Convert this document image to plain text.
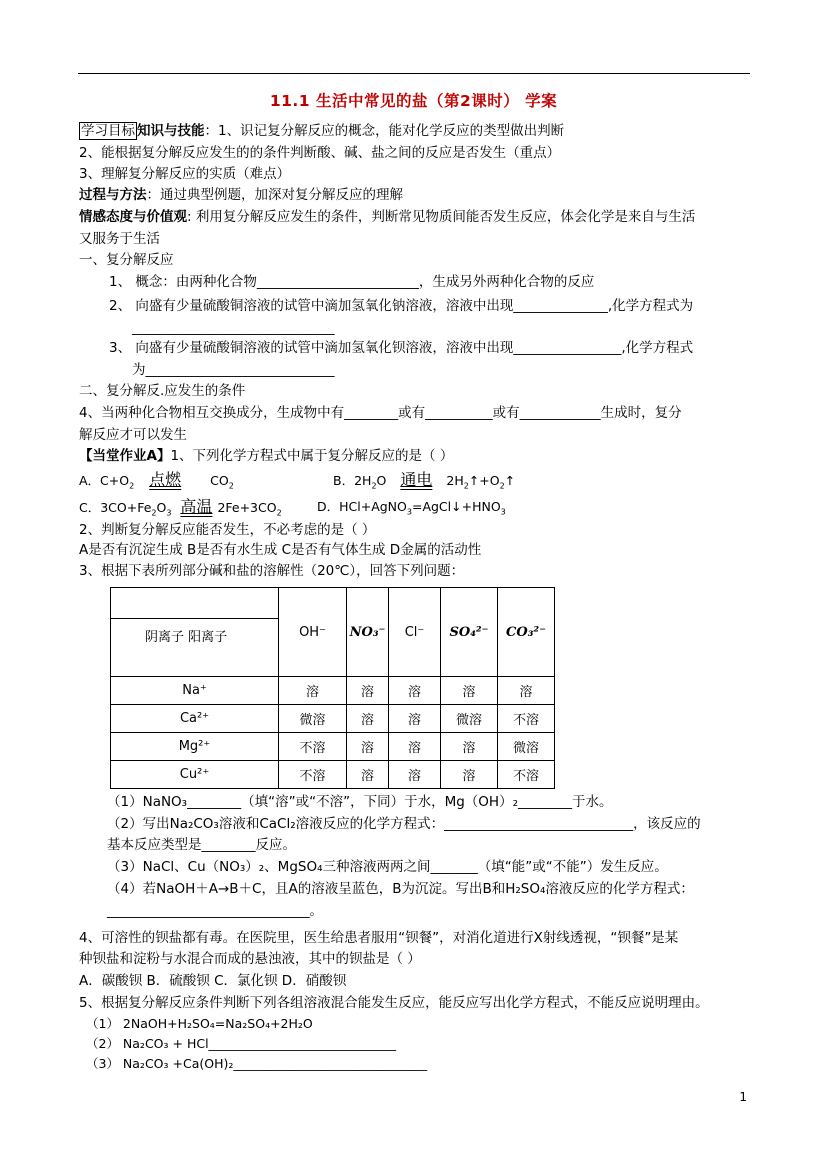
11.1 生活中常见的盐（第2课时） 学案
学习目标 知识与技能：1、识记复分解反应的概念，能对化学反应的类型做出判断
2、能根据复分解反应发生的的条件判断酸、碱、盐之间的反应是否发生（重点）
3、理解复分解反应的实质（难点）
过程与方法：通过典型例题，加深对复分解反应的理解
情感态度与价值观: 利用复分解反应发生的条件，判断常见物质间能否发生反应，体会化学是来自与生活
又服务于生活
一、复分解反应
1、 概念：由两种化合物________________________，生成另外两种化合物的反应
2、 向盛有少量硫酸铜溶液的试管中滴加氢氧化钠溶液，溶液中出现______________,化学方程式为
______________________________
3、 向盛有少量硫酸铜溶液的试管中滴加氢氧化钡溶液，溶液中出现________________,化学方程式
为____________________________
二、复分解反.应发生的条件
4、当两种化合物相互交换成分，生成物中有________或有__________或有____________生成时，复分
解反应才可以发生
【当堂作业A】1、下列化学方程式中属于复分解反应的是（ ）
A．$C+O_2$ 点燃 $CO_2$	B．$2H_2O$ 通电 $2H_2↑+O_2↑$
C．$3CO+Fe_2O_3$ 高温 $2Fe+3CO_2$	D．$HCl+AgNO_3=AgCl↓+HNO_3$
2、判断复分解反应能否发生，不必考虑的是（ ）
A是否有沉淀生成 B是否有水生成 C是否有气体生成 D金属的活动性
3、根据下表所列部分碱和盐的溶解性（20℃），回答下列问题：
阴离子 阳离子	OH⁻	NO₃⁻	Cl⁻	SO₄²⁻	CO₃²⁻
Na⁺	溶	溶	溶	溶	溶
Ca²⁺	微溶	溶	溶	微溶	不溶
Mg²⁺	不溶	溶	溶	溶	微溶
Cu²⁺	不溶	溶	溶	溶	不溶
（1）NaNO₃________（填“溶”或“不溶”，下同）于水，Mg（OH）₂________于水。
（2）写出Na₂CO₃溶液和CaCl₂溶液反应的化学方程式：____________________________，该反应的
基本反应类型是________反应。
（3）NaCl、Cu（NO₃）₂、MgSO₄三种溶液两两之间_______（填“能”或“不能”）发生反应。
（4）若NaOH＋A→B＋C，且A的溶液呈蓝色，B为沉淀。写出B和H₂SO₄溶液反应的化学方程式：
______________________________。
4、可溶性的钡盐都有毒。在医院里，医生给患者服用“钡餐”，对消化道进行X射线透视，“钡餐”是某
种钡盐和淀粉与水混合而成的悬浊液，其中的钡盐是（ ）
A．碳酸钡 B．硫酸钡 C．氯化钡 D．硝酸钡
5、根据复分解反应条件判断下列各组溶液混合能发生反应，能反应写出化学方程式，不能反应说明理由。
（1） 2NaOH+H₂SO₄=Na₂SO₄+2H₂O
（2） Na₂CO₃ + HCl______________________________
（3） Na₂CO₃ +Ca(OH)₂_______________________________
1
